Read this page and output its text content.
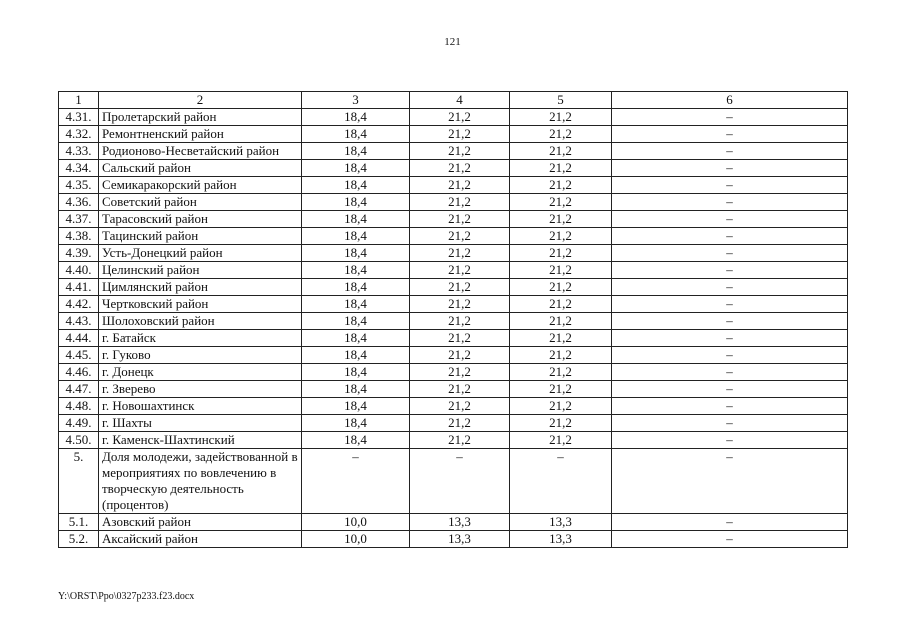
121
1	2	3	4	5	6
4.31.	Пролетарский район	18,4	21,2	21,2	–
4.32.	Ремонтненский район	18,4	21,2	21,2	–
4.33.	Родионово-Несветайский район	18,4	21,2	21,2	–
4.34.	Сальский район	18,4	21,2	21,2	–
4.35.	Семикаракорский район	18,4	21,2	21,2	–
4.36.	Советский район	18,4	21,2	21,2	–
4.37.	Тарасовский район	18,4	21,2	21,2	–
4.38.	Тацинский район	18,4	21,2	21,2	–
4.39.	Усть-Донецкий район	18,4	21,2	21,2	–
4.40.	Целинский район	18,4	21,2	21,2	–
4.41.	Цимлянский район	18,4	21,2	21,2	–
4.42.	Чертковский район	18,4	21,2	21,2	–
4.43.	Шолоховский район	18,4	21,2	21,2	–
4.44.	г. Батайск	18,4	21,2	21,2	–
4.45.	г. Гуково	18,4	21,2	21,2	–
4.46.	г. Донецк	18,4	21,2	21,2	–
4.47.	г. Зверево	18,4	21,2	21,2	–
4.48.	г. Новошахтинск	18,4	21,2	21,2	–
4.49.	г. Шахты	18,4	21,2	21,2	–
4.50.	г. Каменск-Шахтинский	18,4	21,2	21,2	–
5.	Доля молодежи, задействованной в мероприятиях по вовлечению в творческую деятельность (процентов)	–	–	–	–
5.1.	Азовский район	10,0	13,3	13,3	–
5.2.	Аксайский район	10,0	13,3	13,3	–
Y:\ORST\Ppo\0327p233.f23.docx
